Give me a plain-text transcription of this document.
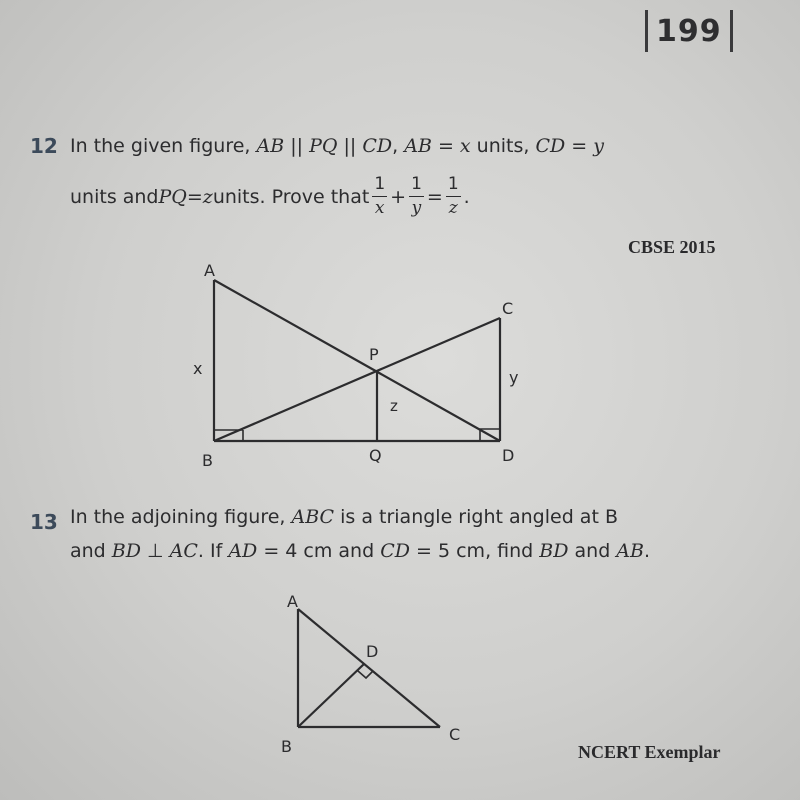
199
12 In the given figure, AB || PQ || CD, AB = x units, CD = y
units and PQ = z units. Prove that $\frac{1}{x} + \frac{1}{y} = \frac{1}{z}$ .
CBSE 2015
A
B
C
D
P
Q
x	y
z
A
B
C
D
13 In the adjoining figure, ABC is a triangle right angled at B
and BD ⊥ AC. If AD = 4 cm and CD = 5 cm, find BD and AB.
NCERT Exemplar
